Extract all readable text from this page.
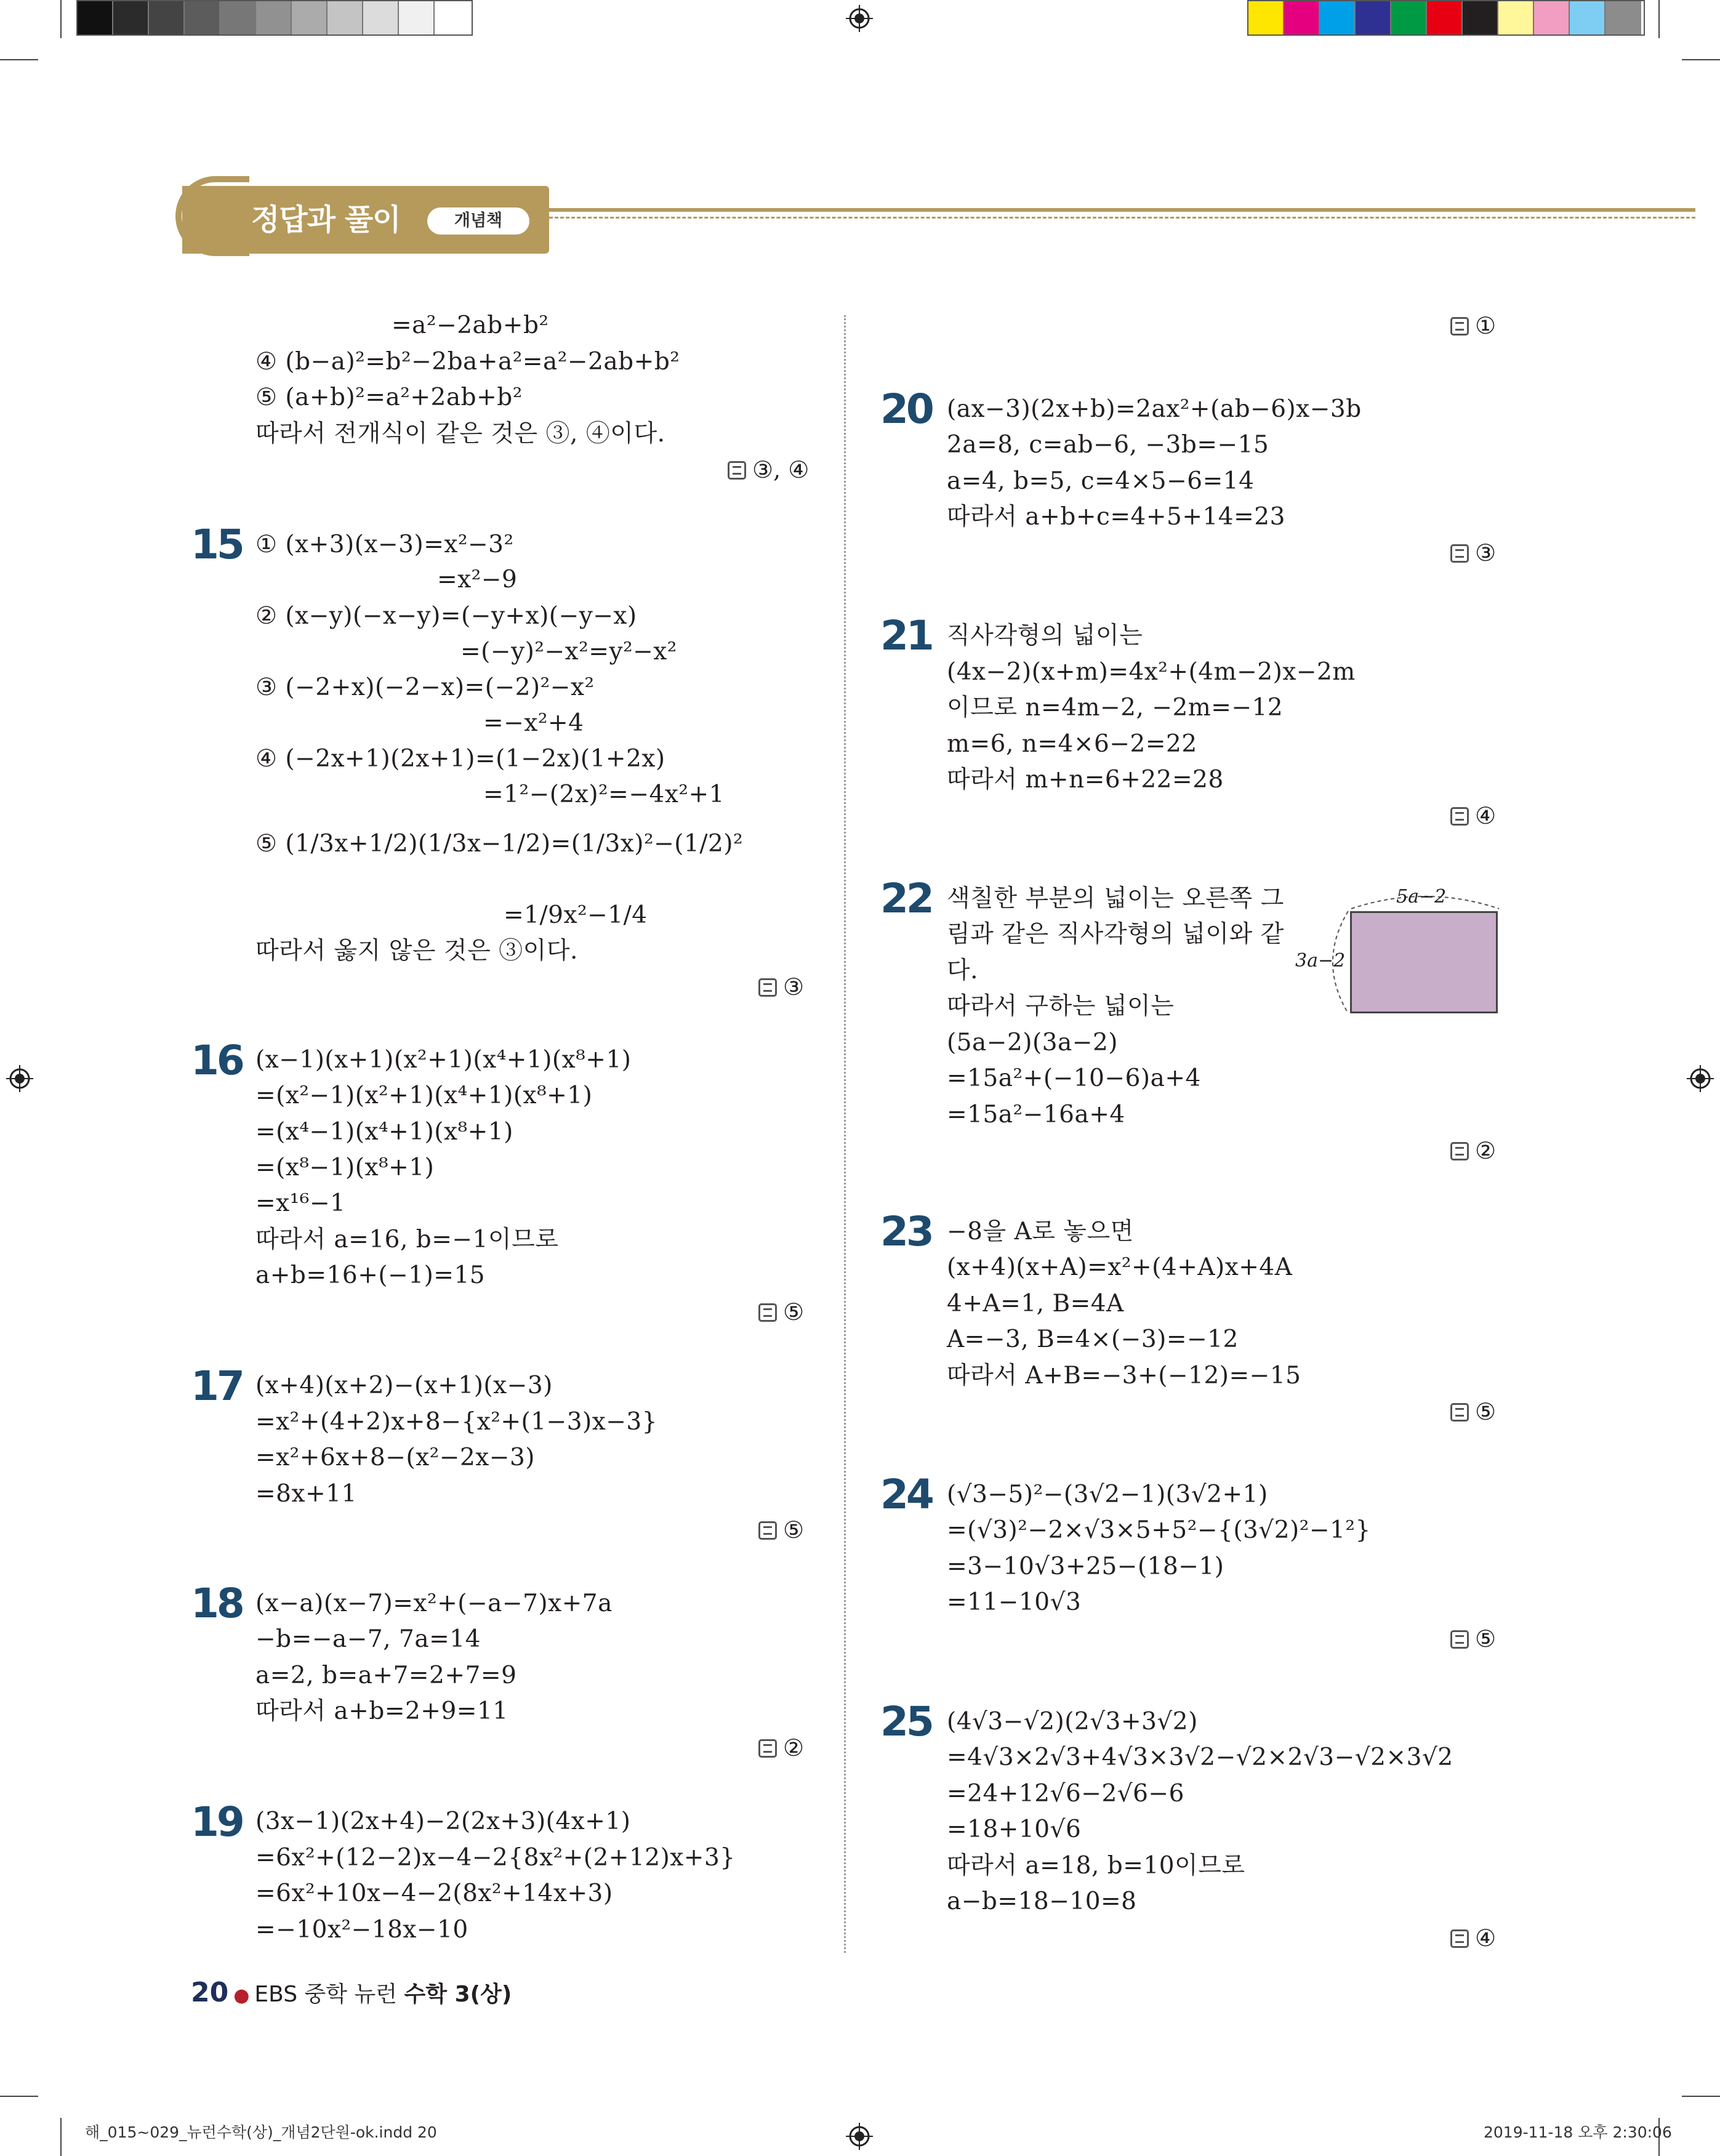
정답과 풀이	개념책
=a²−2ab+b²
④ (b−a)²=b²−2ba+a²=a²−2ab+b²
⑤ (a+b)²=a²+2ab+b²
따라서 전개식이 같은 것은 ③, ④이다.
③, ④
15 ① (x+3)(x−3)=x²−3²
=x²−9
② (x−y)(−x−y)=(−y+x)(−y−x)
=(−y)²−x²=y²−x²
③ (−2+x)(−2−x)=(−2)²−x²
=−x²+4
④ (−2x+1)(2x+1)=(1−2x)(1+2x)
=1²−(2x)²=−4x²+1
⑤ (1/3x+1/2)(1/3x−1/2)=(1/3x)²−(1/2)²
=1/9x²−1/4
따라서 옳지 않은 것은 ③이다.
③
16 (x−1)(x+1)(x²+1)(x⁴+1)(x⁸+1)
=(x²−1)(x²+1)(x⁴+1)(x⁸+1)
=(x⁴−1)(x⁴+1)(x⁸+1)
=(x⁸−1)(x⁸+1)
=x¹⁶−1
따라서 a=16, b=−1이므로
a+b=16+(−1)=15
⑤
17 (x+4)(x+2)−(x+1)(x−3)
=x²+(4+2)x+8−{x²+(1−3)x−3}
=x²+6x+8−(x²−2x−3)
=8x+11
⑤
18 (x−a)(x−7)=x²+(−a−7)x+7a
−b=−a−7, 7a=14
a=2, b=a+7=2+7=9
따라서 a+b=2+9=11
②
19 (3x−1)(2x+4)−2(2x+3)(4x+1)
=6x²+(12−2)x−4−2{8x²+(2+12)x+3}
=6x²+10x−4−2(8x²+14x+3)
=−10x²−18x−10
①
20 (ax−3)(2x+b)=2ax²+(ab−6)x−3b
2a=8, c=ab−6, −3b=−15
a=4, b=5, c=4×5−6=14
따라서 a+b+c=4+5+14=23
③
21 직사각형의 넓이는
(4x−2)(x+m)=4x²+(4m−2)x−2m
이므로 n=4m−2, −2m=−12
m=6, n=4×6−2=22
따라서 m+n=6+22=28
④
22 색칠한 부분의 넓이는 오른쪽 그
림과 같은 직사각형의 넓이와 같
다.
따라서 구하는 넓이는
(5a−2)(3a−2)
=15a²+(−10−6)a+4
=15a²−16a+4
5a−2
3a−2
②
23 −8을 A로 놓으면
(x+4)(x+A)=x²+(4+A)x+4A
4+A=1, B=4A
A=−3, B=4×(−3)=−12
따라서 A+B=−3+(−12)=−15
⑤
24 (√3−5)²−(3√2−1)(3√2+1)
=(√3)²−2×√3×5+5²−{(3√2)²−1²}
=3−10√3+25−(18−1)
=11−10√3
⑤
25 (4√3−√2)(2√3+3√2)
=4√3×2√3+4√3×3√2−√2×2√3−√2×3√2
=24+12√6−2√6−6
=18+10√6
따라서 a=18, b=10이므로
a−b=18−10=8
④
20 ● EBS 중학 뉴런 수학 3(상)
해_015~029_뉴런수학(상)_개념2단원-ok.indd 20	2019-11-18 오후 2:30:06
